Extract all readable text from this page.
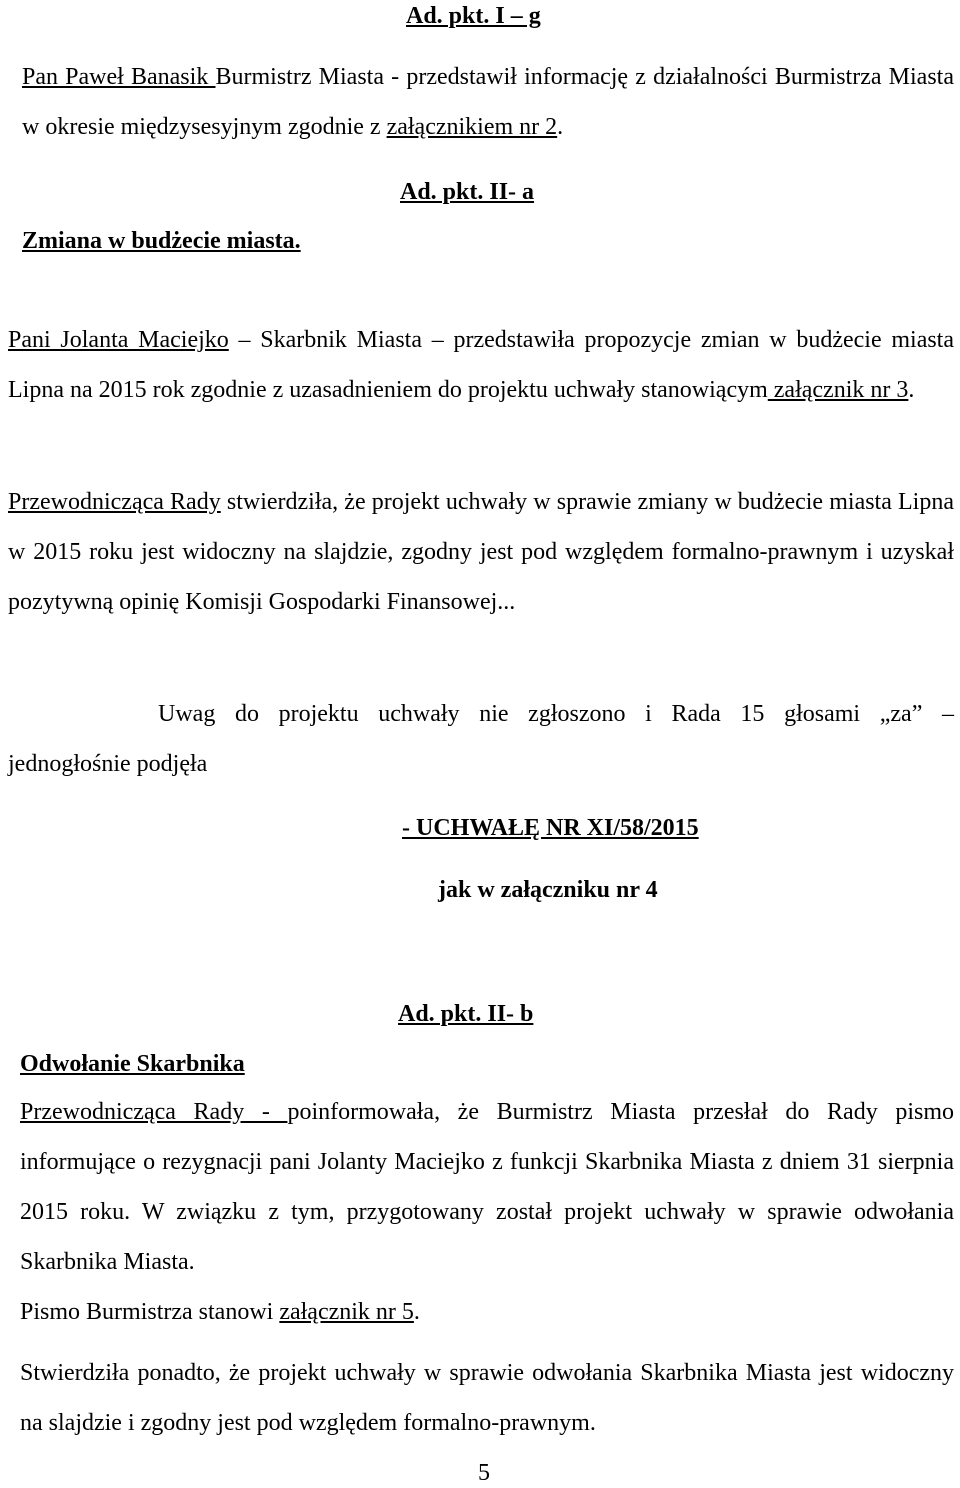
Ad. pkt. I – g

Pan Paweł Banasik Burmistrz Miasta - przedstawił informację z działalności Burmistrza Miasta w okresie międzysesyjnym zgodnie z załącznikiem nr 2.

Ad. pkt. II- a
Zmiana w budżecie miasta.

Pani Jolanta Maciejko – Skarbnik Miasta – przedstawiła propozycje zmian w budżecie miasta Lipna na 2015 rok zgodnie z uzasadnieniem do projektu uchwały stanowiącym załącznik nr 3.

Przewodnicząca Rady stwierdziła, że projekt uchwały w sprawie zmiany w budżecie miasta Lipna w 2015 roku jest widoczny na slajdzie, zgodny jest pod względem formalno-prawnym i uzyskał pozytywną opinię Komisji Gospodarki Finansowej...

Uwag do projektu uchwały nie zgłoszono i Rada 15 głosami „za” –

jednogłośnie podjęła

- UCHWAŁĘ NR XI/58/2015
jak w załączniku nr 4
Ad. pkt. II- b
Odwołanie Skarbnika

Przewodnicząca Rady - poinformowała, że Burmistrz Miasta przesłał do Rady pismo informujące o rezygnacji pani Jolanty Maciejko z funkcji Skarbnika Miasta z dniem 31 sierpnia 2015 roku. W związku z tym, przygotowany został projekt uchwały w sprawie odwołania Skarbnika Miasta.

Pismo Burmistrza stanowi załącznik nr 5.

Stwierdziła ponadto, że projekt uchwały w sprawie odwołania Skarbnika Miasta jest widoczny na slajdzie i zgodny jest pod względem formalno-prawnym.

5
